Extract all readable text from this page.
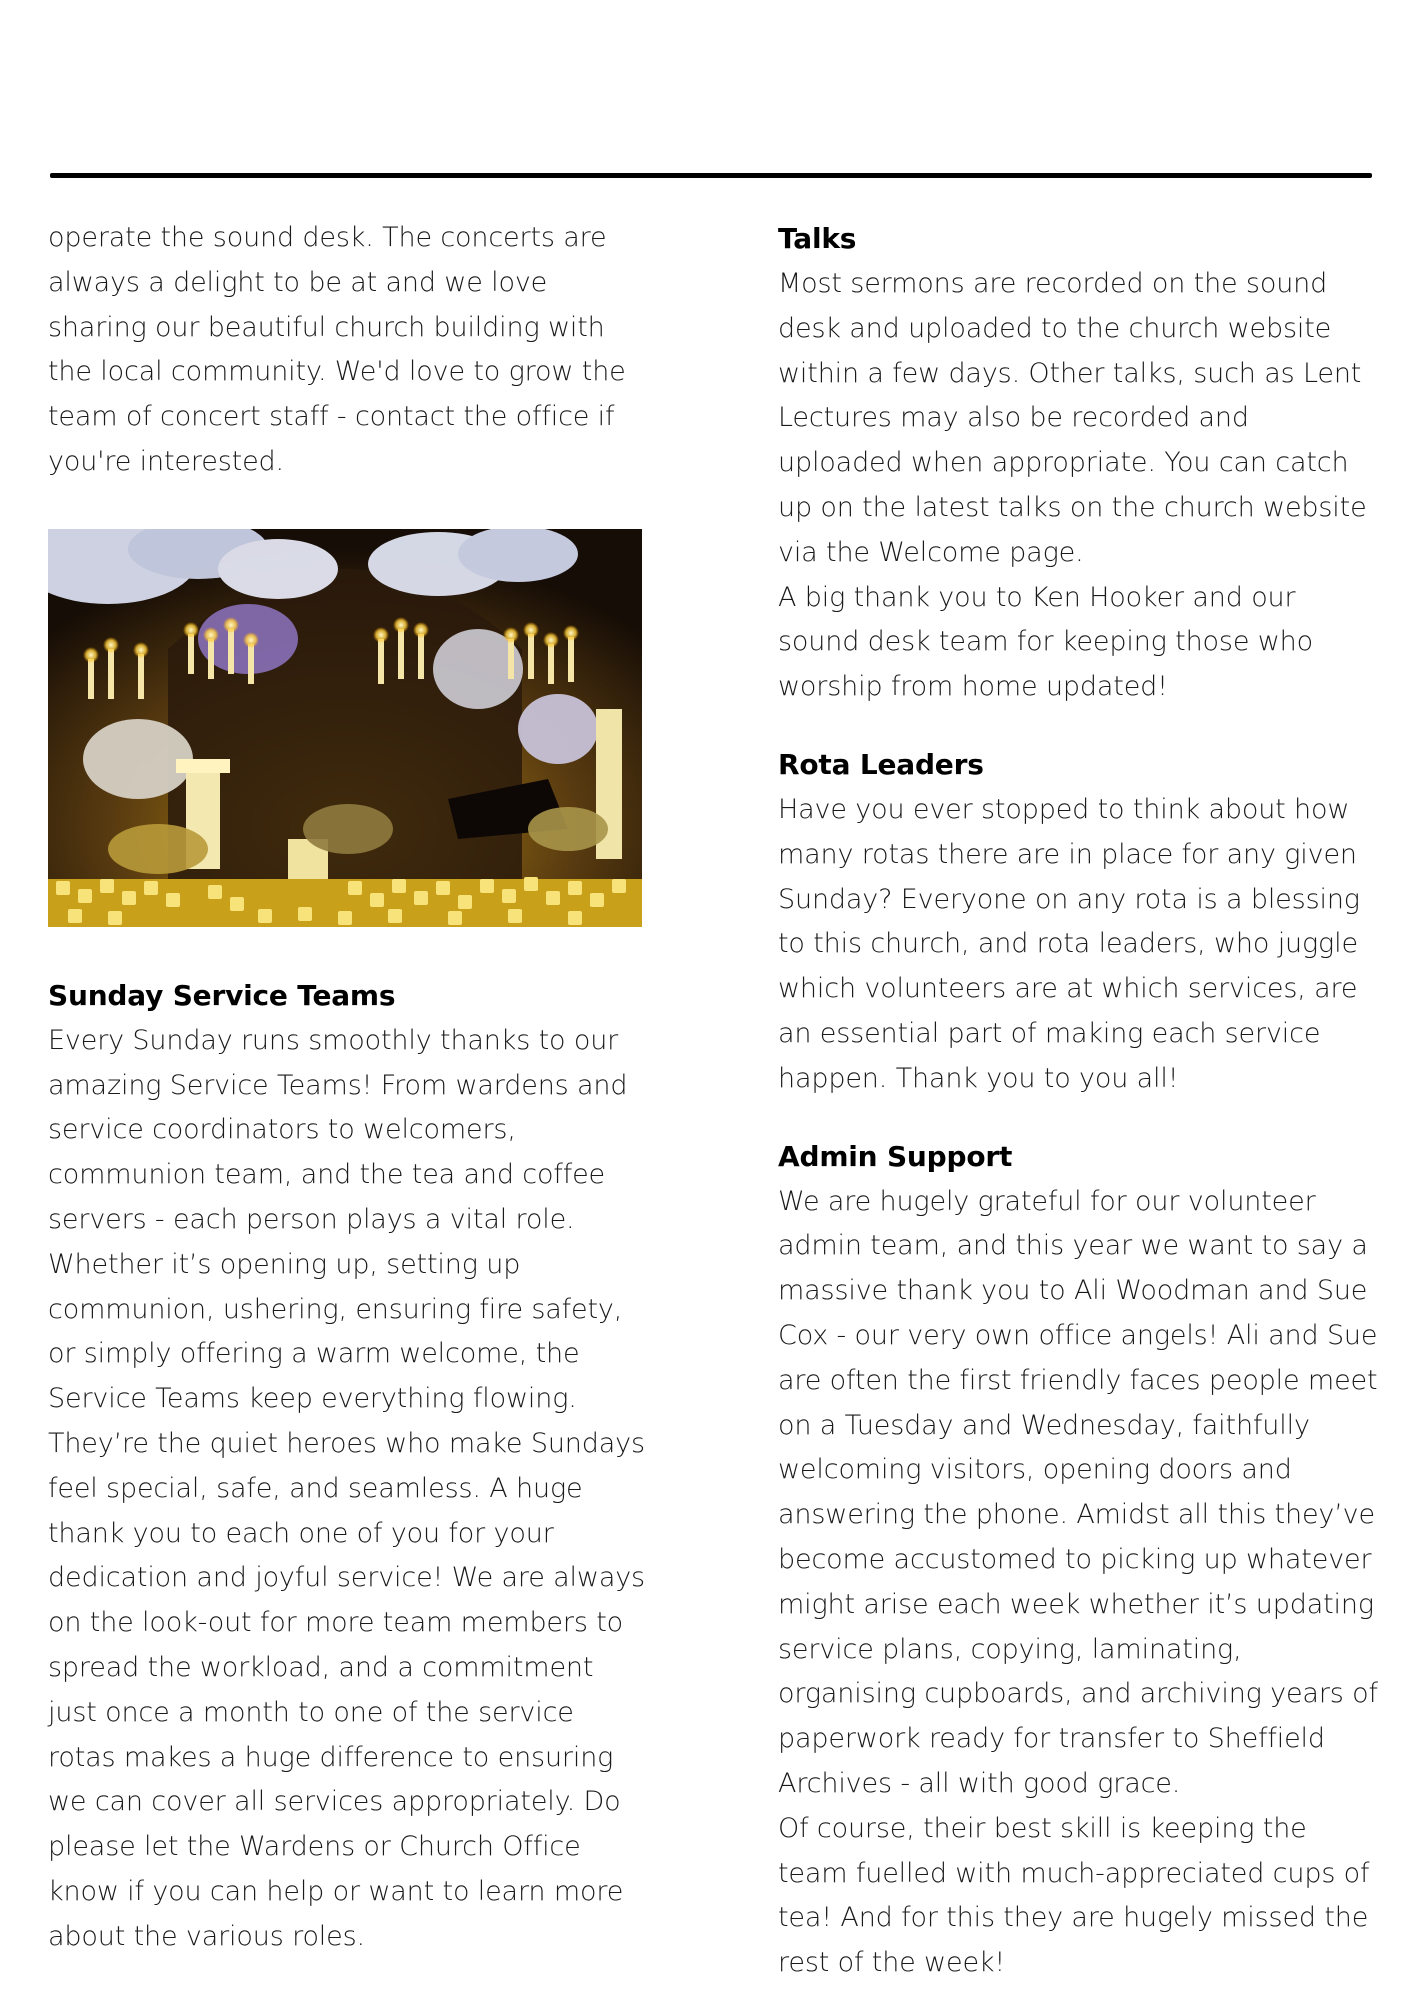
operate the sound desk. The concerts are always a delight to be at and we love sharing our beautiful church building with the local community. We'd love to grow the team of concert staff - contact the office if you're interested.

Sunday Service Teams

Every Sunday runs smoothly thanks to our amazing Service Teams! From wardens and service coordinators to welcomers, communion team, and the tea and coffee servers - each person plays a vital role. Whether it’s opening up, setting up communion, ushering, ensuring fire safety, or simply offering a warm welcome, the Service Teams keep everything flowing. They’re the quiet heroes who make Sundays feel special, safe, and seamless. A huge thank you to each one of you for your dedication and joyful service! We are always on the look-out for more team members to spread the workload, and a commitment just once a month to one of the service rotas makes a huge difference to ensuring we can cover all services appropriately. Do please let the Wardens or Church Office know if you can help or want to learn more about the various roles.

Talks

Most sermons are recorded on the sound desk and uploaded to the church website within a few days. Other talks, such as Lent Lectures may also be recorded and uploaded when appropriate. You can catch up on the latest talks on the church website via the Welcome page.

A big thank you to Ken Hooker and our sound desk team for keeping those who worship from home updated!

Rota Leaders

Have you ever stopped to think about how many rotas there are in place for any given Sunday? Everyone on any rota is a blessing to this church, and rota leaders, who juggle which volunteers are at which services, are an essential part of making each service happen. Thank you to you all!

Admin Support

We are hugely grateful for our volunteer admin team, and this year we want to say a massive thank you to Ali Woodman and Sue Cox - our very own office angels! Ali and Sue are often the first friendly faces people meet on a Tuesday and Wednesday, faithfully welcoming visitors, opening doors and answering the phone. Amidst all this they’ve become accustomed to picking up whatever might arise each week whether it’s updating service plans, copying, laminating, organising cupboards, and archiving years of paperwork ready for transfer to Sheffield Archives - all with good grace.

Of course, their best skill is keeping the team fuelled with much-appreciated cups of tea! And for this they are hugely missed the rest of the week!
